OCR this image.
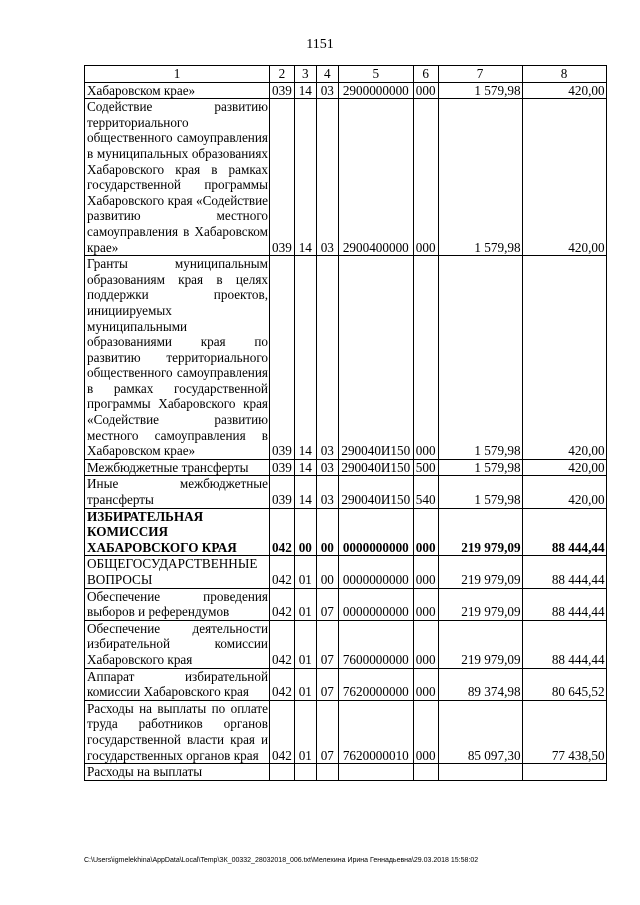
1151
1	2	3	4	5	6	7	8
Хабаровском крае»	039	14	03	2900000000	000	1 579,98	420,00
Содействие развитию территориального общественного самоуправления в муниципальных образованиях Хабаровского края в рамках государственной программы Хабаровского края «Содействие развитию местного самоуправления в Хабаровском крае»	039	14	03	2900400000	000	1 579,98	420,00
Гранты муниципальным образованиям края в целях поддержки проектов, инициируемых муниципальными образованиями края по развитию территориального общественного самоуправления в рамках государственной программы Хабаровского края «Содействие развитию местного самоуправления в Хабаровском крае»	039	14	03	290040И150	000	1 579,98	420,00
Межбюджетные трансферты	039	14	03	290040И150	500	1 579,98	420,00
Иные межбюджетные трансферты	039	14	03	290040И150	540	1 579,98	420,00
ИЗБИРАТЕЛЬНАЯ КОМИССИЯ ХАБАРОВСКОГО КРАЯ	042	00	00	0000000000	000	219 979,09	88 444,44
ОБЩЕГОСУДАРСТВЕННЫЕ ВОПРОСЫ	042	01	00	0000000000	000	219 979,09	88 444,44
Обеспечение проведения выборов и референдумов	042	01	07	0000000000	000	219 979,09	88 444,44
Обеспечение деятельности избирательной комиссии Хабаровского края	042	01	07	7600000000	000	219 979,09	88 444,44
Аппарат избирательной комиссии Хабаровского края	042	01	07	7620000000	000	89 374,98	80 645,52
Расходы на выплаты по оплате труда работников органов государственной власти края и государственных органов края	042	01	07	7620000010	000	85 097,30	77 438,50
Расходы на выплаты							
C:\Users\igmelekhina\AppData\Local\Temp\ЗК_00332_28032018_006.txt\Мелехина Ирина Геннадьевна\29.03.2018 15:58:02
